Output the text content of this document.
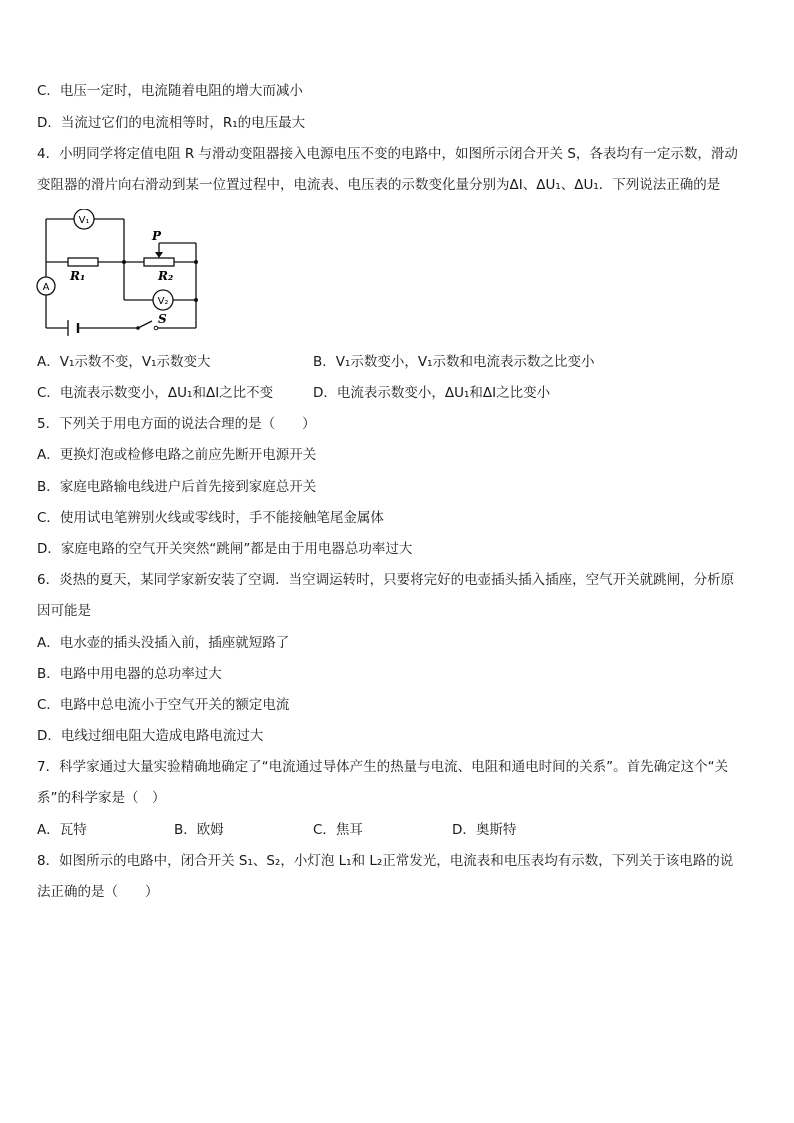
C．电压一定时，电流随着电阻的增大而减小
D．当流过它们的电流相等时，R₁的电压最大
4．小明同学将定值电阻 R 与滑动变阻器接入电源电压不变的电路中，如图所示闭合开关 S，各表均有一定示数，滑动
变阻器的滑片向右滑动到某一位置过程中，电流表、电压表的示数变化量分别为ΔI、ΔU₁、ΔU₁．下列说法正确的是
V₁
A
V₂
R₁	R₂
P
S
A．V₁示数不变，V₁示数变大	B．V₁示数变小，V₁示数和电流表示数之比变小
C．电流表示数变小，ΔU₁和ΔI之比不变	D．电流表示数变小，ΔU₁和ΔI之比变小
5．下列关于用电方面的说法合理的是（　　）
A．更换灯泡或检修电路之前应先断开电源开关
B．家庭电路输电线进户后首先接到家庭总开关
C．使用试电笔辨别火线或零线时，手不能接触笔尾金属体
D．家庭电路的空气开关突然“跳闸”都是由于用电器总功率过大
6．炎热的夏天，某同学家新安装了空调．当空调运转时，只要将完好的电壶插头插入插座，空气开关就跳闸，分析原
因可能是
A．电水壶的插头没插入前，插座就短路了
B．电路中用电器的总功率过大
C．电路中总电流小于空气开关的额定电流
D．电线过细电阻大造成电路电流过大
7．科学家通过大量实验精确地确定了“电流通过导体产生的热量与电流、电阻和通电时间的关系”。首先确定这个“关
系”的科学家是（　）
A．瓦特	B．欧姆	C．焦耳	D．奥斯特
8．如图所示的电路中，闭合开关 S₁、S₂，小灯泡 L₁和 L₂正常发光，电流表和电压表均有示数，下列关于该电路的说
法正确的是（　　）
